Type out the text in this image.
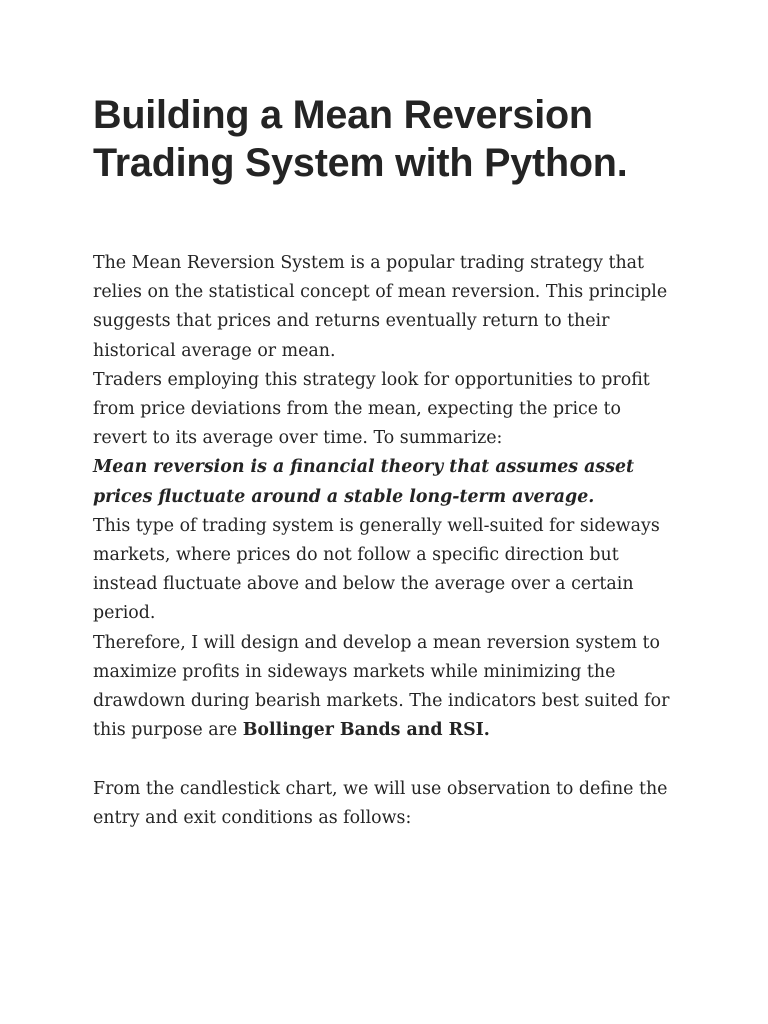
Building a Mean Reversion Trading System with Python.

The Mean Reversion System is a popular trading strategy that relies on the statistical concept of mean reversion. This principle suggests that prices and returns eventually return to their historical average or mean.

Traders employing this strategy look for opportunities to profit from price deviations from the mean, expecting the price to revert to its average over time. To summarize:

Mean reversion is a financial theory that assumes asset prices fluctuate around a stable long-term average.

This type of trading system is generally well-suited for sideways markets, where prices do not follow a specific direction but instead fluctuate above and below the average over a certain period.

Therefore, I will design and develop a mean reversion system to maximize profits in sideways markets while minimizing the drawdown during bearish markets. The indicators best suited for this purpose are Bollinger Bands and RSI.

From the candlestick chart, we will use observation to define the entry and exit conditions as follows:
